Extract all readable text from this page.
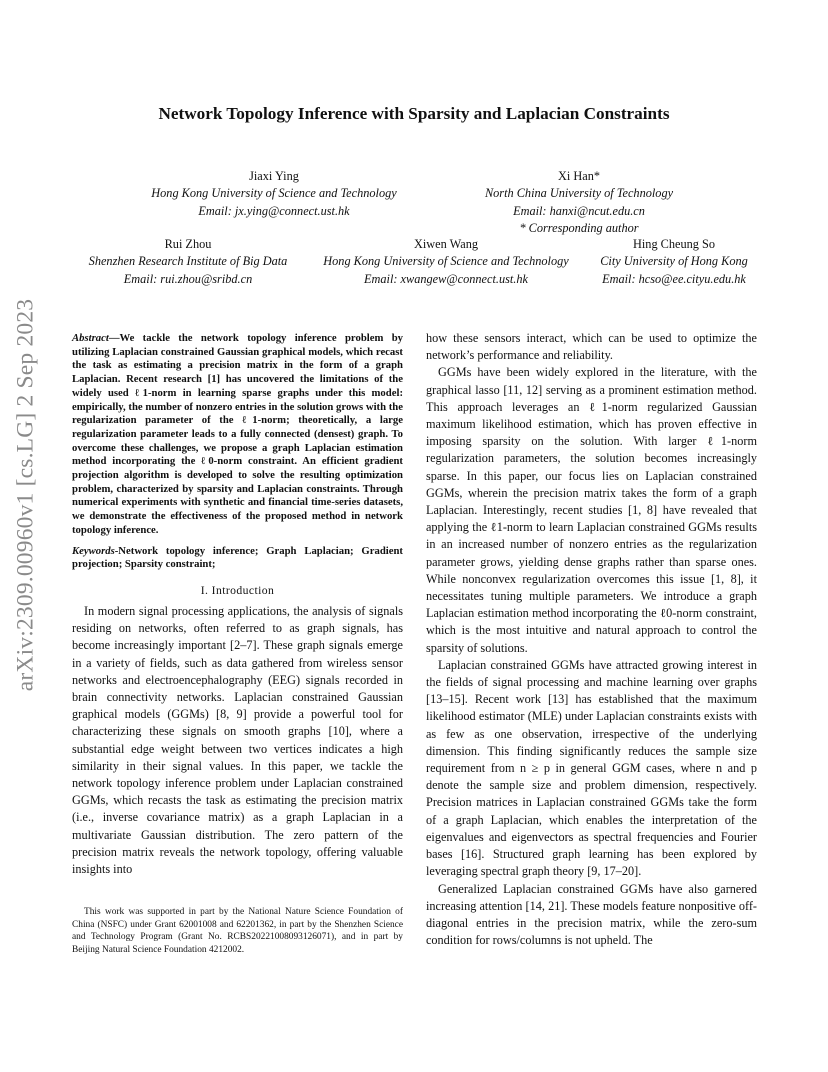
arXiv:2309.00960v1 [cs.LG] 2 Sep 2023
Network Topology Inference with Sparsity and Laplacian Constraints
Jiaxi Ying
Hong Kong University of Science and Technology
Email: jx.ying@connect.ust.hk
Xi Han*
North China University of Technology
Email: hanxi@ncut.edu.cn
* Corresponding author
Rui Zhou
Shenzhen Research Institute of Big Data
Email: rui.zhou@sribd.cn
Xiwen Wang
Hong Kong University of Science and Technology
Email: xwangew@connect.ust.hk
Hing Cheung So
City University of Hong Kong
Email: hcso@ee.cityu.edu.hk
Abstract—We tackle the network topology inference problem by utilizing Laplacian constrained Gaussian graphical models, which recast the task as estimating a precision matrix in the form of a graph Laplacian. Recent research [1] has uncovered the limitations of the widely used ℓ1-norm in learning sparse graphs under this model: empirically, the number of nonzero entries in the solution grows with the regularization parameter of the ℓ1-norm; theoretically, a large regularization parameter leads to a fully connected (densest) graph. To overcome these challenges, we propose a graph Laplacian estimation method incorporating the ℓ0-norm constraint. An efficient gradient projection algorithm is developed to solve the resulting optimization problem, characterized by sparsity and Laplacian constraints. Through numerical experiments with synthetic and financial time-series datasets, we demonstrate the effectiveness of the proposed method in network topology inference.
Keywords-Network topology inference; Graph Laplacian; Gradient projection; Sparsity constraint;
I. Introduction

In modern signal processing applications, the analysis of signals residing on networks, often referred to as graph signals, has become increasingly important [2–7]. These graph signals emerge in a variety of fields, such as data gathered from wireless sensor networks and electroencephalography (EEG) signals recorded in brain connectivity networks. Laplacian constrained Gaussian graphical models (GGMs) [8, 9] provide a powerful tool for characterizing these signals on smooth graphs [10], where a substantial edge weight between two vertices indicates a high similarity in their signal values. In this paper, we tackle the network topology inference problem under Laplacian constrained GGMs, which recasts the task as estimating the precision matrix (i.e., inverse covariance matrix) as a graph Laplacian in a multivariate Gaussian distribution. The zero pattern of the precision matrix reveals the network topology, offering valuable insights into

This work was supported in part by the National Nature Science Foundation of China (NSFC) under Grant 62001008 and 62201362, in part by the Shenzhen Science and Technology Program (Grant No. RCBS20221008093126071), and in part by Beijing Natural Science Foundation 4212002.

how these sensors interact, which can be used to optimize the network’s performance and reliability.

GGMs have been widely explored in the literature, with the graphical lasso [11, 12] serving as a prominent estimation method. This approach leverages an ℓ1-norm regularized Gaussian maximum likelihood estimation, which has proven effective in imposing sparsity on the solution. With larger ℓ1-norm regularization parameters, the solution becomes increasingly sparse. In this paper, our focus lies on Laplacian constrained GGMs, wherein the precision matrix takes the form of a graph Laplacian. Interestingly, recent studies [1, 8] have revealed that applying the ℓ1-norm to learn Laplacian constrained GGMs results in an increased number of nonzero entries as the regularization parameter grows, yielding dense graphs rather than sparse ones. While nonconvex regularization overcomes this issue [1, 8], it necessitates tuning multiple parameters. We introduce a graph Laplacian estimation method incorporating the ℓ0-norm constraint, which is the most intuitive and natural approach to control the sparsity of solutions.

Laplacian constrained GGMs have attracted growing interest in the fields of signal processing and machine learning over graphs [13–15]. Recent work [13] has established that the maximum likelihood estimator (MLE) under Laplacian constraints exists with as few as one observation, irrespective of the underlying dimension. This finding significantly reduces the sample size requirement from n ≥ p in general GGM cases, where n and p denote the sample size and problem dimension, respectively. Precision matrices in Laplacian constrained GGMs take the form of a graph Laplacian, which enables the interpretation of the eigenvalues and eigenvectors as spectral frequencies and Fourier bases [16]. Structured graph learning has been explored by leveraging spectral graph theory [9, 17–20].

Generalized Laplacian constrained GGMs have also garnered increasing attention [14, 21]. These models feature nonpositive off-diagonal entries in the precision matrix, while the zero-sum condition for rows/columns is not upheld. The
